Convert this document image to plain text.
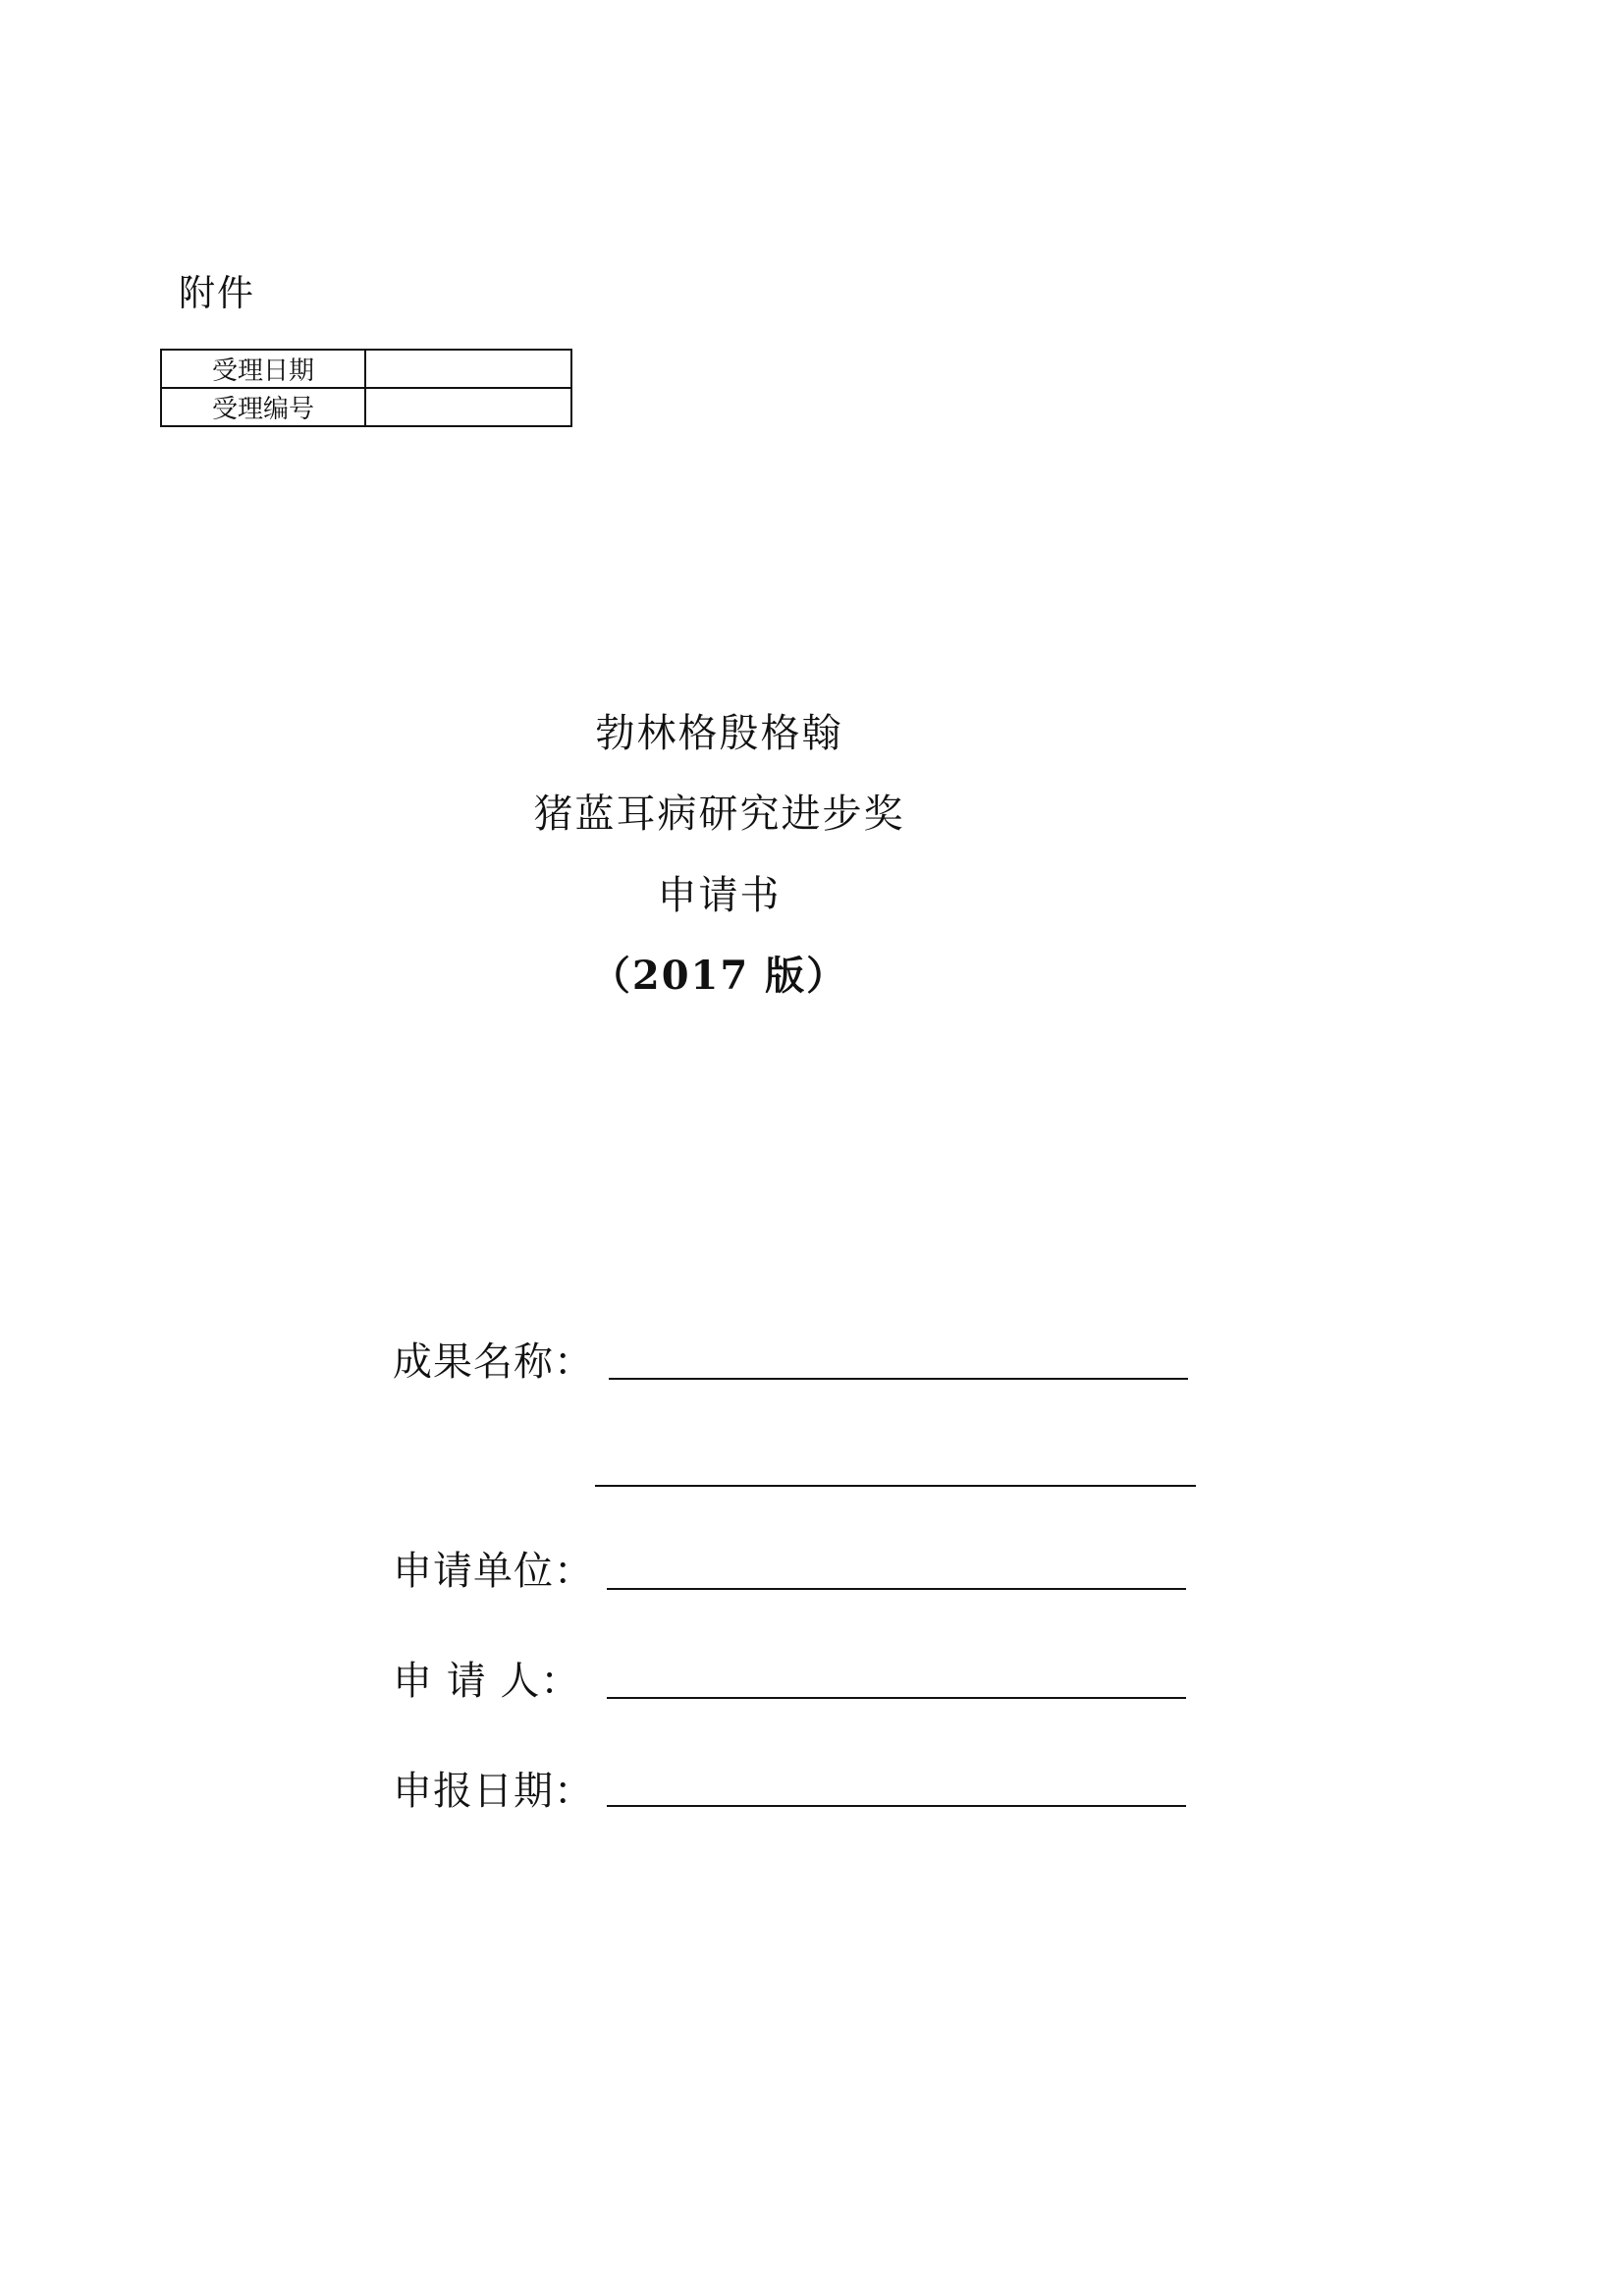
附件
受理日期	
受理编号	
勃林格殷格翰
猪蓝耳病研究进步奖
申请书
（2017 版）
成果名称：
申请单位：
申 请 人：
申报日期：
